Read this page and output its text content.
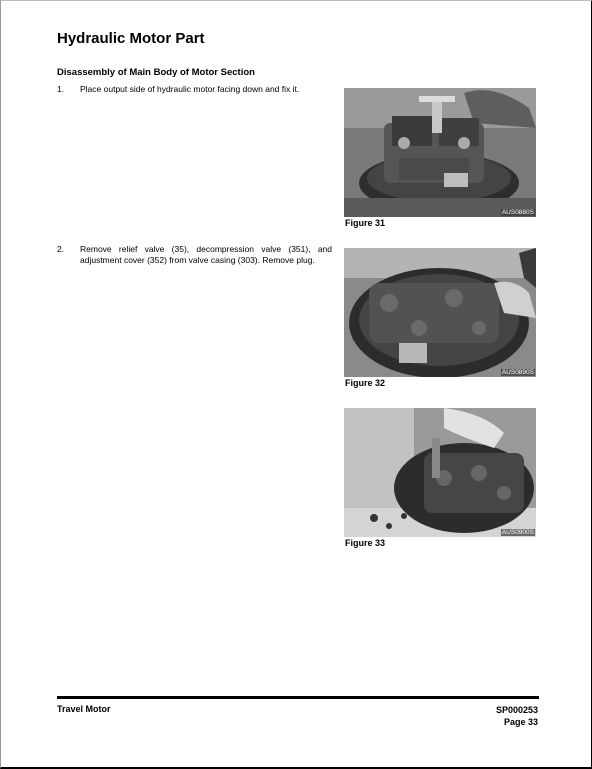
Hydraulic Motor Part
Disassembly of Main Body of Motor Section
1. Place output side of hydraulic motor facing down and fix it.
2. Remove relief valve (35), decompression valve (351), and adjustment cover (352) from valve casing (303). Remove plug.
AUS0880S
Figure 31
AUS0890S
Figure 32
AUS0900S
Figure 33
Travel Motor	SP000253
Page 33
